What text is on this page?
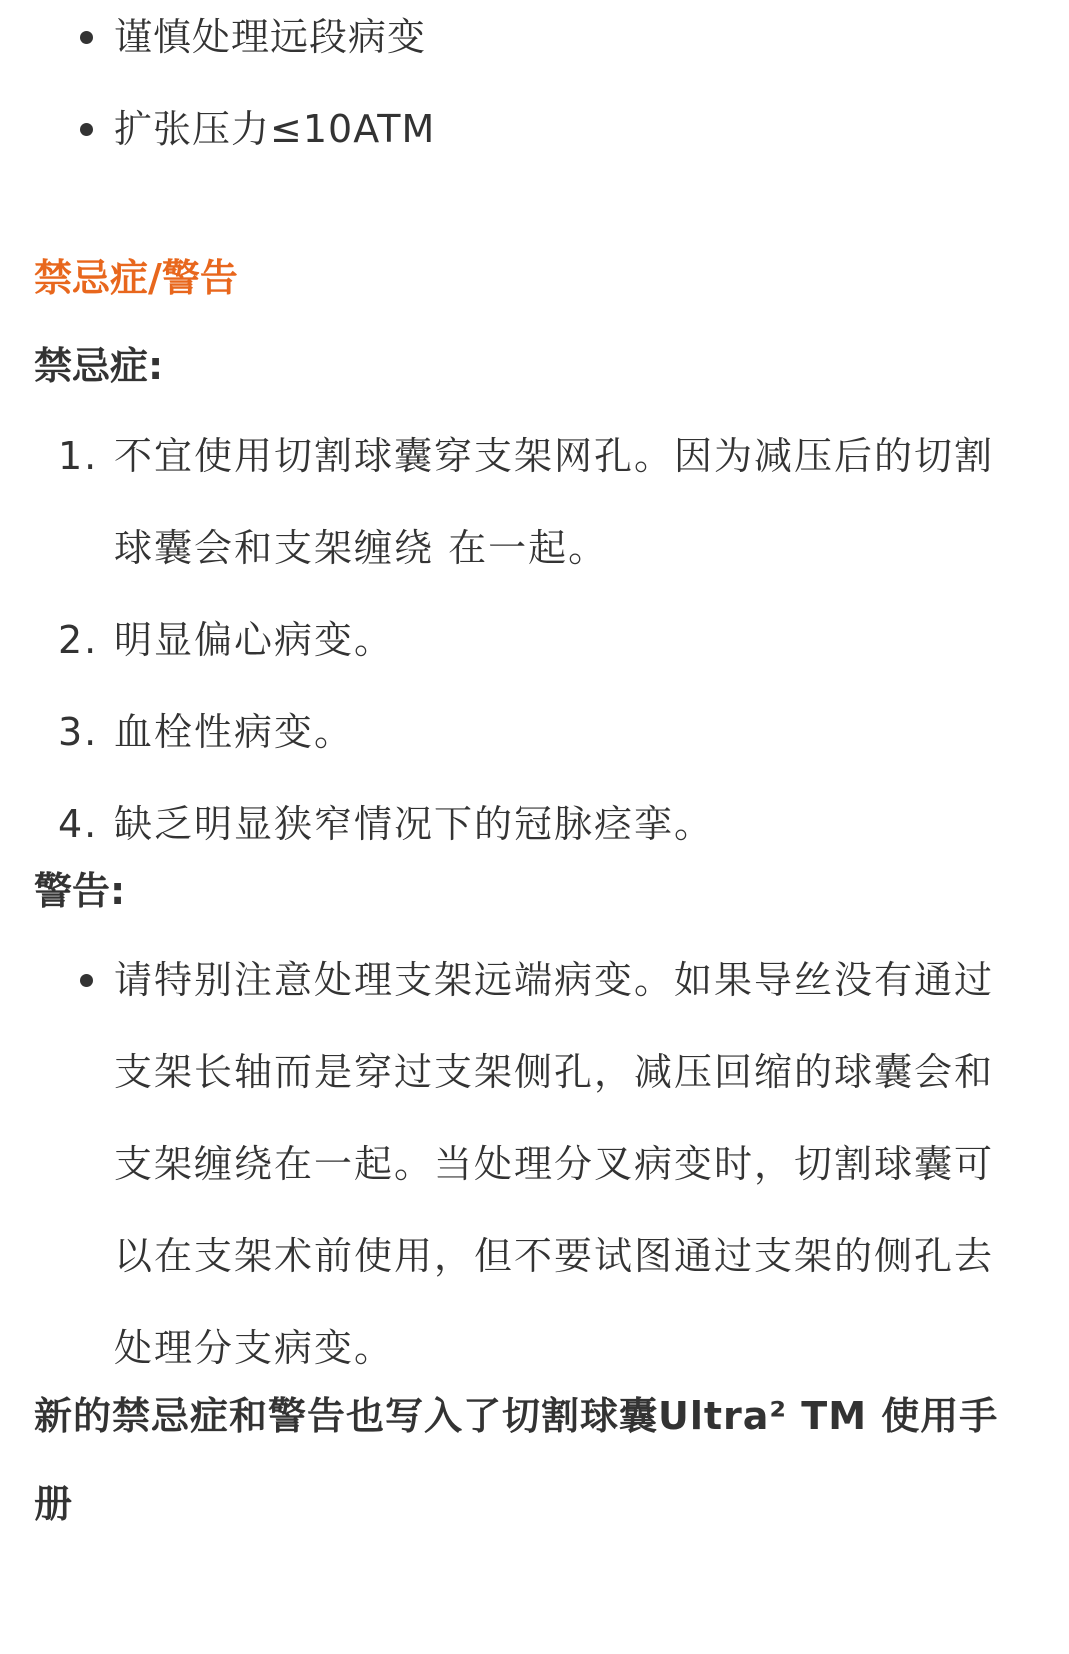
谨慎处理远段病变
扩张压力≤10ATM
禁忌症/警告
禁忌症:
1. 不宜使用切割球囊穿支架网孔。因为减压后的切割球囊会和支架缠绕 在一起。
2. 明显偏心病变。
3. 血栓性病变。
4. 缺乏明显狭窄情况下的冠脉痉挛。
警告:
请特别注意处理支架远端病变。如果导丝没有通过支架长轴而是穿过支架侧孔，减压回缩的球囊会和支架缠绕在一起。当处理分叉病变时，切割球囊可以在支架术前使用，但不要试图通过支架的侧孔去处理分支病变。
新的禁忌症和警告也写入了切割球囊Ultra² TM 使用手册
